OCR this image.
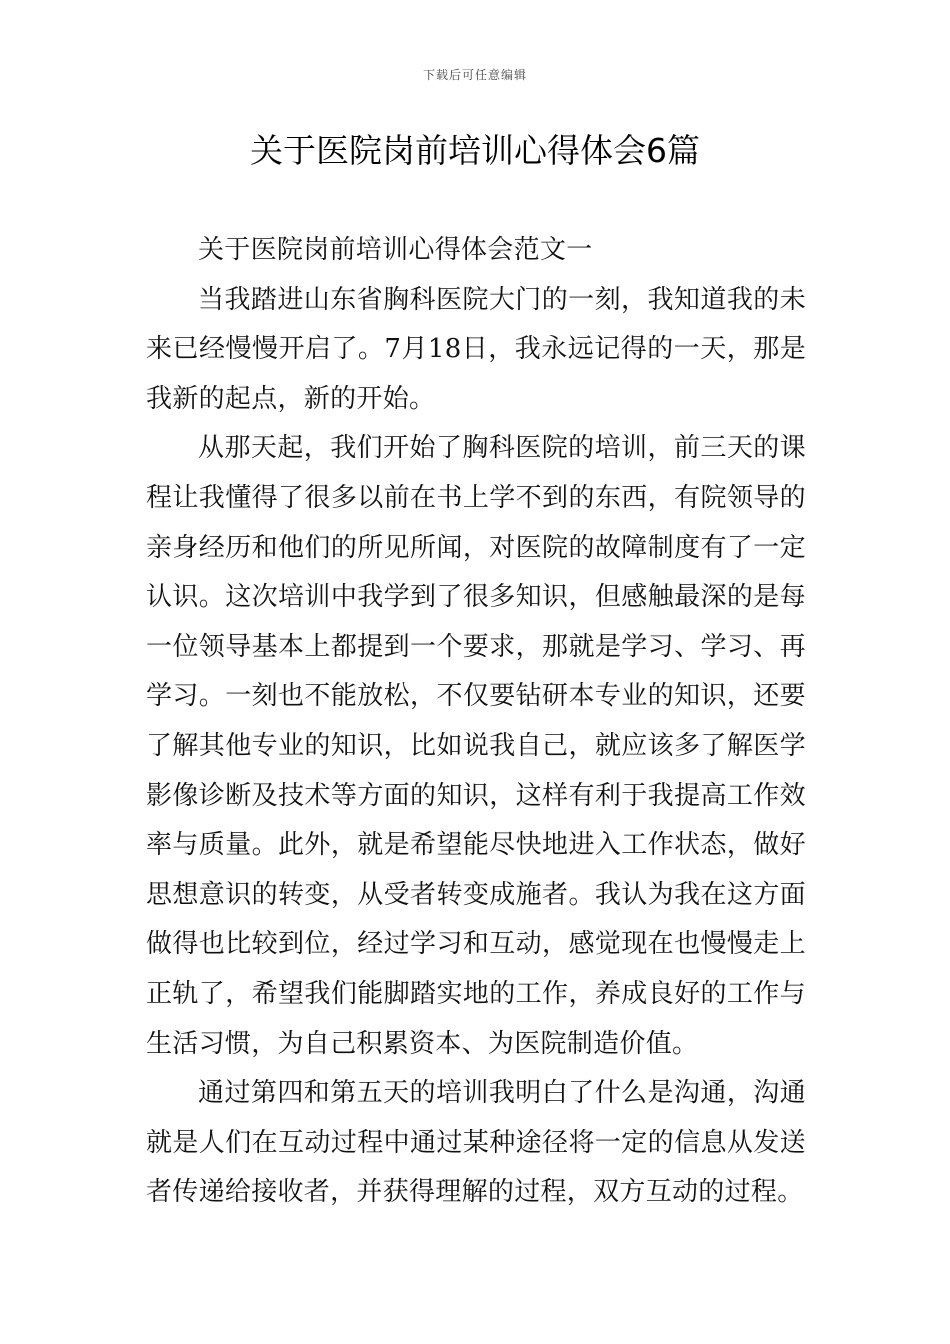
下载后可任意编辑
关于医院岗前培训心得体会6篇

关于医院岗前培训心得体会范文一

当我踏进山东省胸科医院大门的一刻，我知道我的未来已经慢慢开启了。7月18日，我永远记得的一天，那是我新的起点，新的开始。

从那天起，我们开始了胸科医院的培训，前三天的课程让我懂得了很多以前在书上学不到的东西，有院领导的亲身经历和他们的所见所闻，对医院的故障制度有了一定认识。这次培训中我学到了很多知识，但感触最深的是每一位领导基本上都提到一个要求，那就是学习、学习、再学习。一刻也不能放松，不仅要钻研本专业的知识，还要了解其他专业的知识，比如说我自己，就应该多了解医学影像诊断及技术等方面的知识，这样有利于我提高工作效率与质量。此外，就是希望能尽快地进入工作状态，做好思想意识的转变，从受者转变成施者。我认为我在这方面做得也比较到位，经过学习和互动，感觉现在也慢慢走上正轨了，希望我们能脚踏实地的工作，养成良好的工作与生活习惯，为自己积累资本、为医院制造价值。

通过第四和第五天的培训我明白了什么是沟通，沟通就是人们在互动过程中通过某种途径将一定的信息从发送者传递给接收者，并获得理解的过程，双方互动的过程。
